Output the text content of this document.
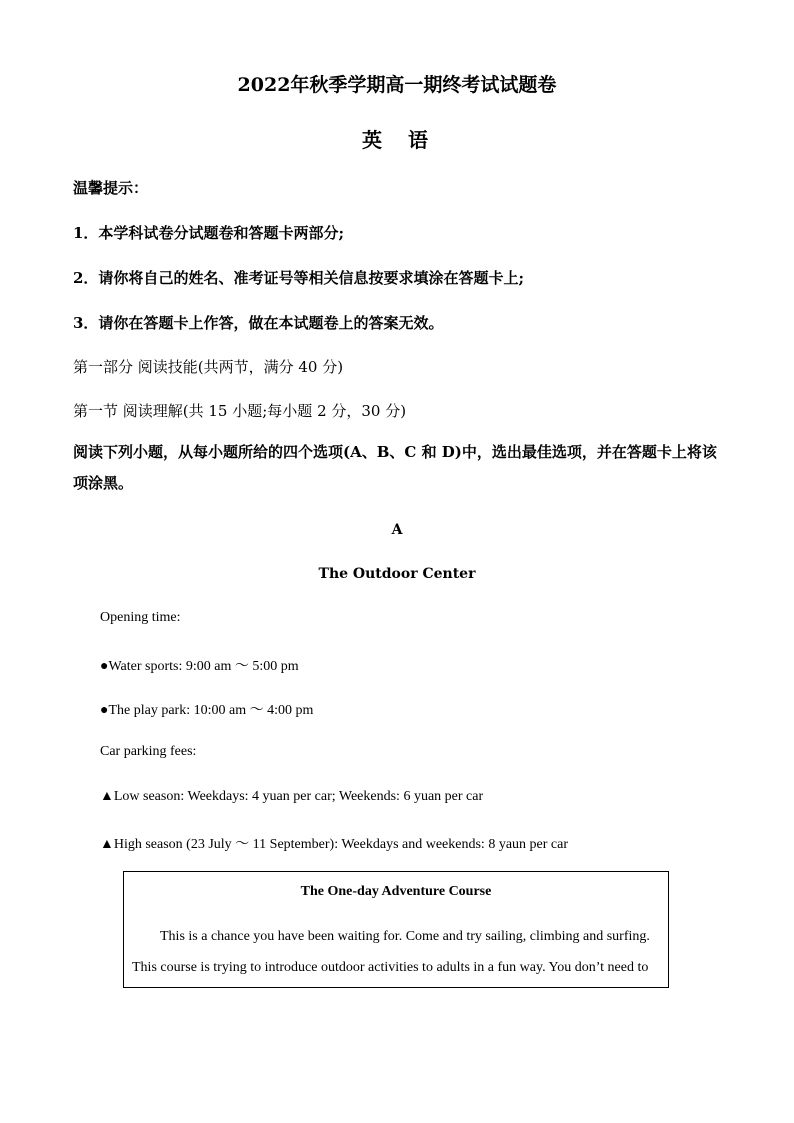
2022年秋季学期高一期终考试试题卷
英 语
温馨提示：
1．本学科试卷分试题卷和答题卡两部分;
2．请你将自己的姓名、准考证号等相关信息按要求填涂在答题卡上;
3．请你在答题卡上作答，做在本试题卷上的答案无效。
第一部分 阅读技能(共两节，满分 40 分)
第一节 阅读理解(共 15 小题;每小题 2 分，30 分)
阅读下列小题，从每小题所给的四个选项(A、B、C 和 D)中，选出最佳选项，并在答题卡上将该项涂黑。
A
The Outdoor Center
Opening time:
●Water sports: 9:00 am ～ 5:00 pm
●The play park: 10:00 am ～ 4:00 pm
Car parking fees:
▲Low season: Weekdays: 4 yuan per car; Weekends: 6 yuan per car
▲High season (23 July ～ 11 September): Weekdays and weekends: 8 yaun per car
The One-day Adventure Course
This is a chance you have been waiting for. Come and try sailing, climbing and surfing.
This course is trying to introduce outdoor activities to adults in a fun way. You don’t need to
